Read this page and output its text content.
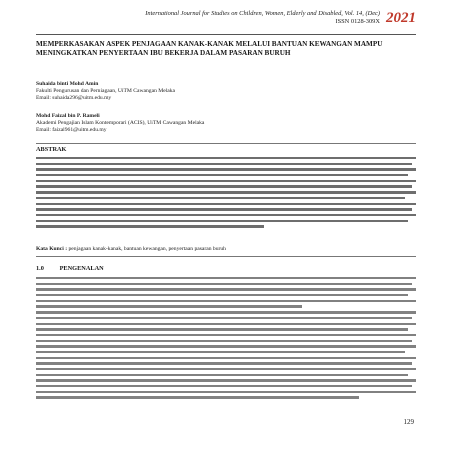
International Journal for Studies on Children, Women, Elderly and Disabled, Vol. 14, (Dec)
ISSN 0128-309X 2021
MEMPERKASAKAN ASPEK PENJAGAAN KANAK-KANAK MELALUI BANTUAN KEWANGAN MAMPU MENINGKATKAN PENYERTAAN IBU BEKERJA DALAM PASARAN BURUH
Suhaida binti Mohd Amin
Fakulti Pengurusan dan Perniagaan, UiTM Cawangan Melaka
Email: suhaida296@uitm.edu.my
Mohd Faizal bin P. Rameli
Akademi Pengajian Islam Kontemporari (ACIS), UiTM Cawangan Melaka
Email: faizal961@uitm.edu.my
ABSTRAK
Kata Kunci : penjagaan kanak-kanak, bantuan kewangan, penyertaan pasaran buruh
1.0 PENGENALAN
129
